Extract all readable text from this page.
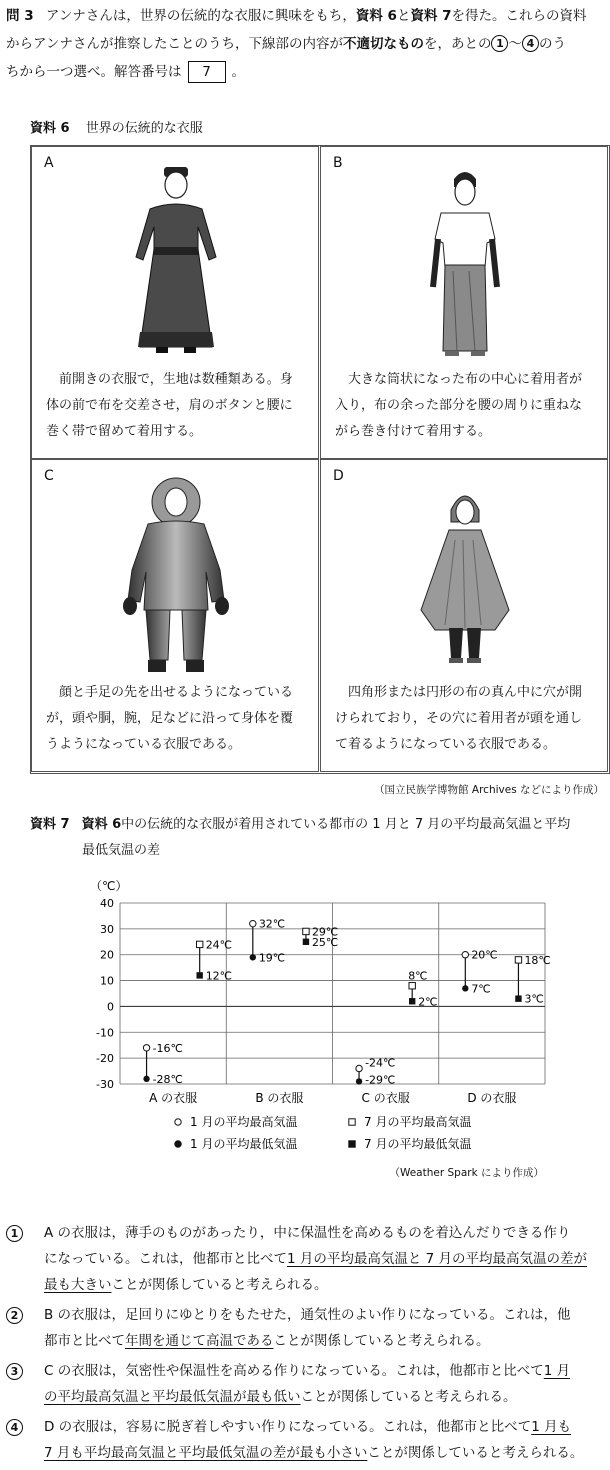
問 3 アンナさんは，世界の伝統的な衣服に興味をもち，資料 6と資料 7を得た。これらの資料
からアンナさんが推察したことのうち，下線部の内容が不適切なものを，あとの 1 〜 4 のう
ちから一つ選べ。解答番号は 7 。
資料 6 世界の伝統的な衣服
A
前開きの衣服で，生地は数種類ある。身
体の前で布を交差させ，肩のボタンと腰に
巻く帯で留めて着用する。
B
大きな筒状になった布の中心に着用者が
入り，布の余った部分を腰の周りに重ねな
がら巻き付けて着用する。
C
顔と手足の先を出せるようになっている
が，頭や胴，腕，足などに沿って身体を覆
うようになっている衣服である。
D
四角形または円形の布の真ん中に穴が開
けられており，その穴に着用者が頭を通し
て着るようになっている衣服である。
（国立民族学博物館 Archives などにより作成）
資料 7 資料 6中の伝統的な衣服が着用されている都市の 1 月と 7 月の平均最高気温と平均
最低気温の差
（℃）
40
30
20
10
0
-10
-20
-30
A の衣服	B の衣服	C の衣服	D の衣服
-16℃
-28℃
24℃
12℃
32℃
19℃
29℃
25℃
-24℃
-29℃
8℃
2℃
20℃
7℃
18℃
3℃
（Weather Spark により作成）
1	A の衣服は，薄手のものがあったり，中に保温性を高めるものを着込んだりできる作り
になっている。これは，他都市と比べて1 月の平均最高気温と 7 月の平均最高気温の差が
最も大きいことが関係していると考えられる。
2	B の衣服は，足回りにゆとりをもたせた，通気性のよい作りになっている。これは，他
都市と比べて年間を通じて高温であることが関係していると考えられる。
3	C の衣服は，気密性や保温性を高める作りになっている。これは，他都市と比べて1 月
の平均最高気温と平均最低気温が最も低いことが関係していると考えられる。
4	D の衣服は，容易に脱ぎ着しやすい作りになっている。これは，他都市と比べて1 月も
7 月も平均最高気温と平均最低気温の差が最も小さいことが関係していると考えられる。
1 月の平均最高気温
1 月の平均最低気温
7 月の平均最高気温
7 月の平均最低気温
